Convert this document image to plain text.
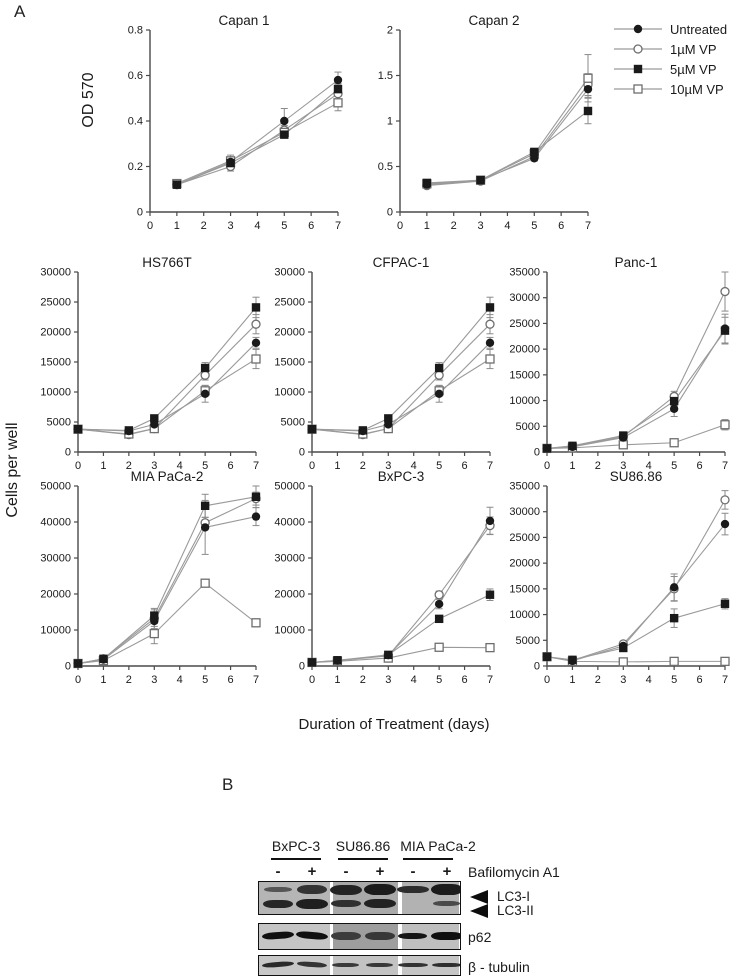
A
OD 570
Capan 1
0
0.2
0.4
0.6
0.8
0 1 2 3 4 5 6 7
Capan 2
0
0.5
1
1.5
2
0 1 2 3 4 5 6 7
Untreated
1µM VP
5µM VP
10µM VP
HS766T
0
5000
10000
15000
20000
25000
30000
0 1 2 3 4 5 6 7
CFPAC-1
0
5000
10000
15000
20000
25000
30000
0 1 2 3 4 5 6 7
Panc-1
0
5000
10000
15000
20000
25000
30000
35000
0 1 2 3 4 5 6 7
MIA PaCa-2
0
10000
20000
30000
40000
50000
0 1 2 3 4 5 6 7
BxPC-3
0
10000
20000
30000
40000
50000
0 1 2 3 4 5 6 7
SU86.86
0
5000
10000
15000
20000
25000
30000
35000
0 1 2 3 4 5 6 7
Cells per well
Duration of Treatment (days)
B
BxPC-3	SU86.86 MIA PaCa-2
-	+	-	+	-	+ Bafilomycin A1
LC3-I
LC3-II
p62
β - tubulin
